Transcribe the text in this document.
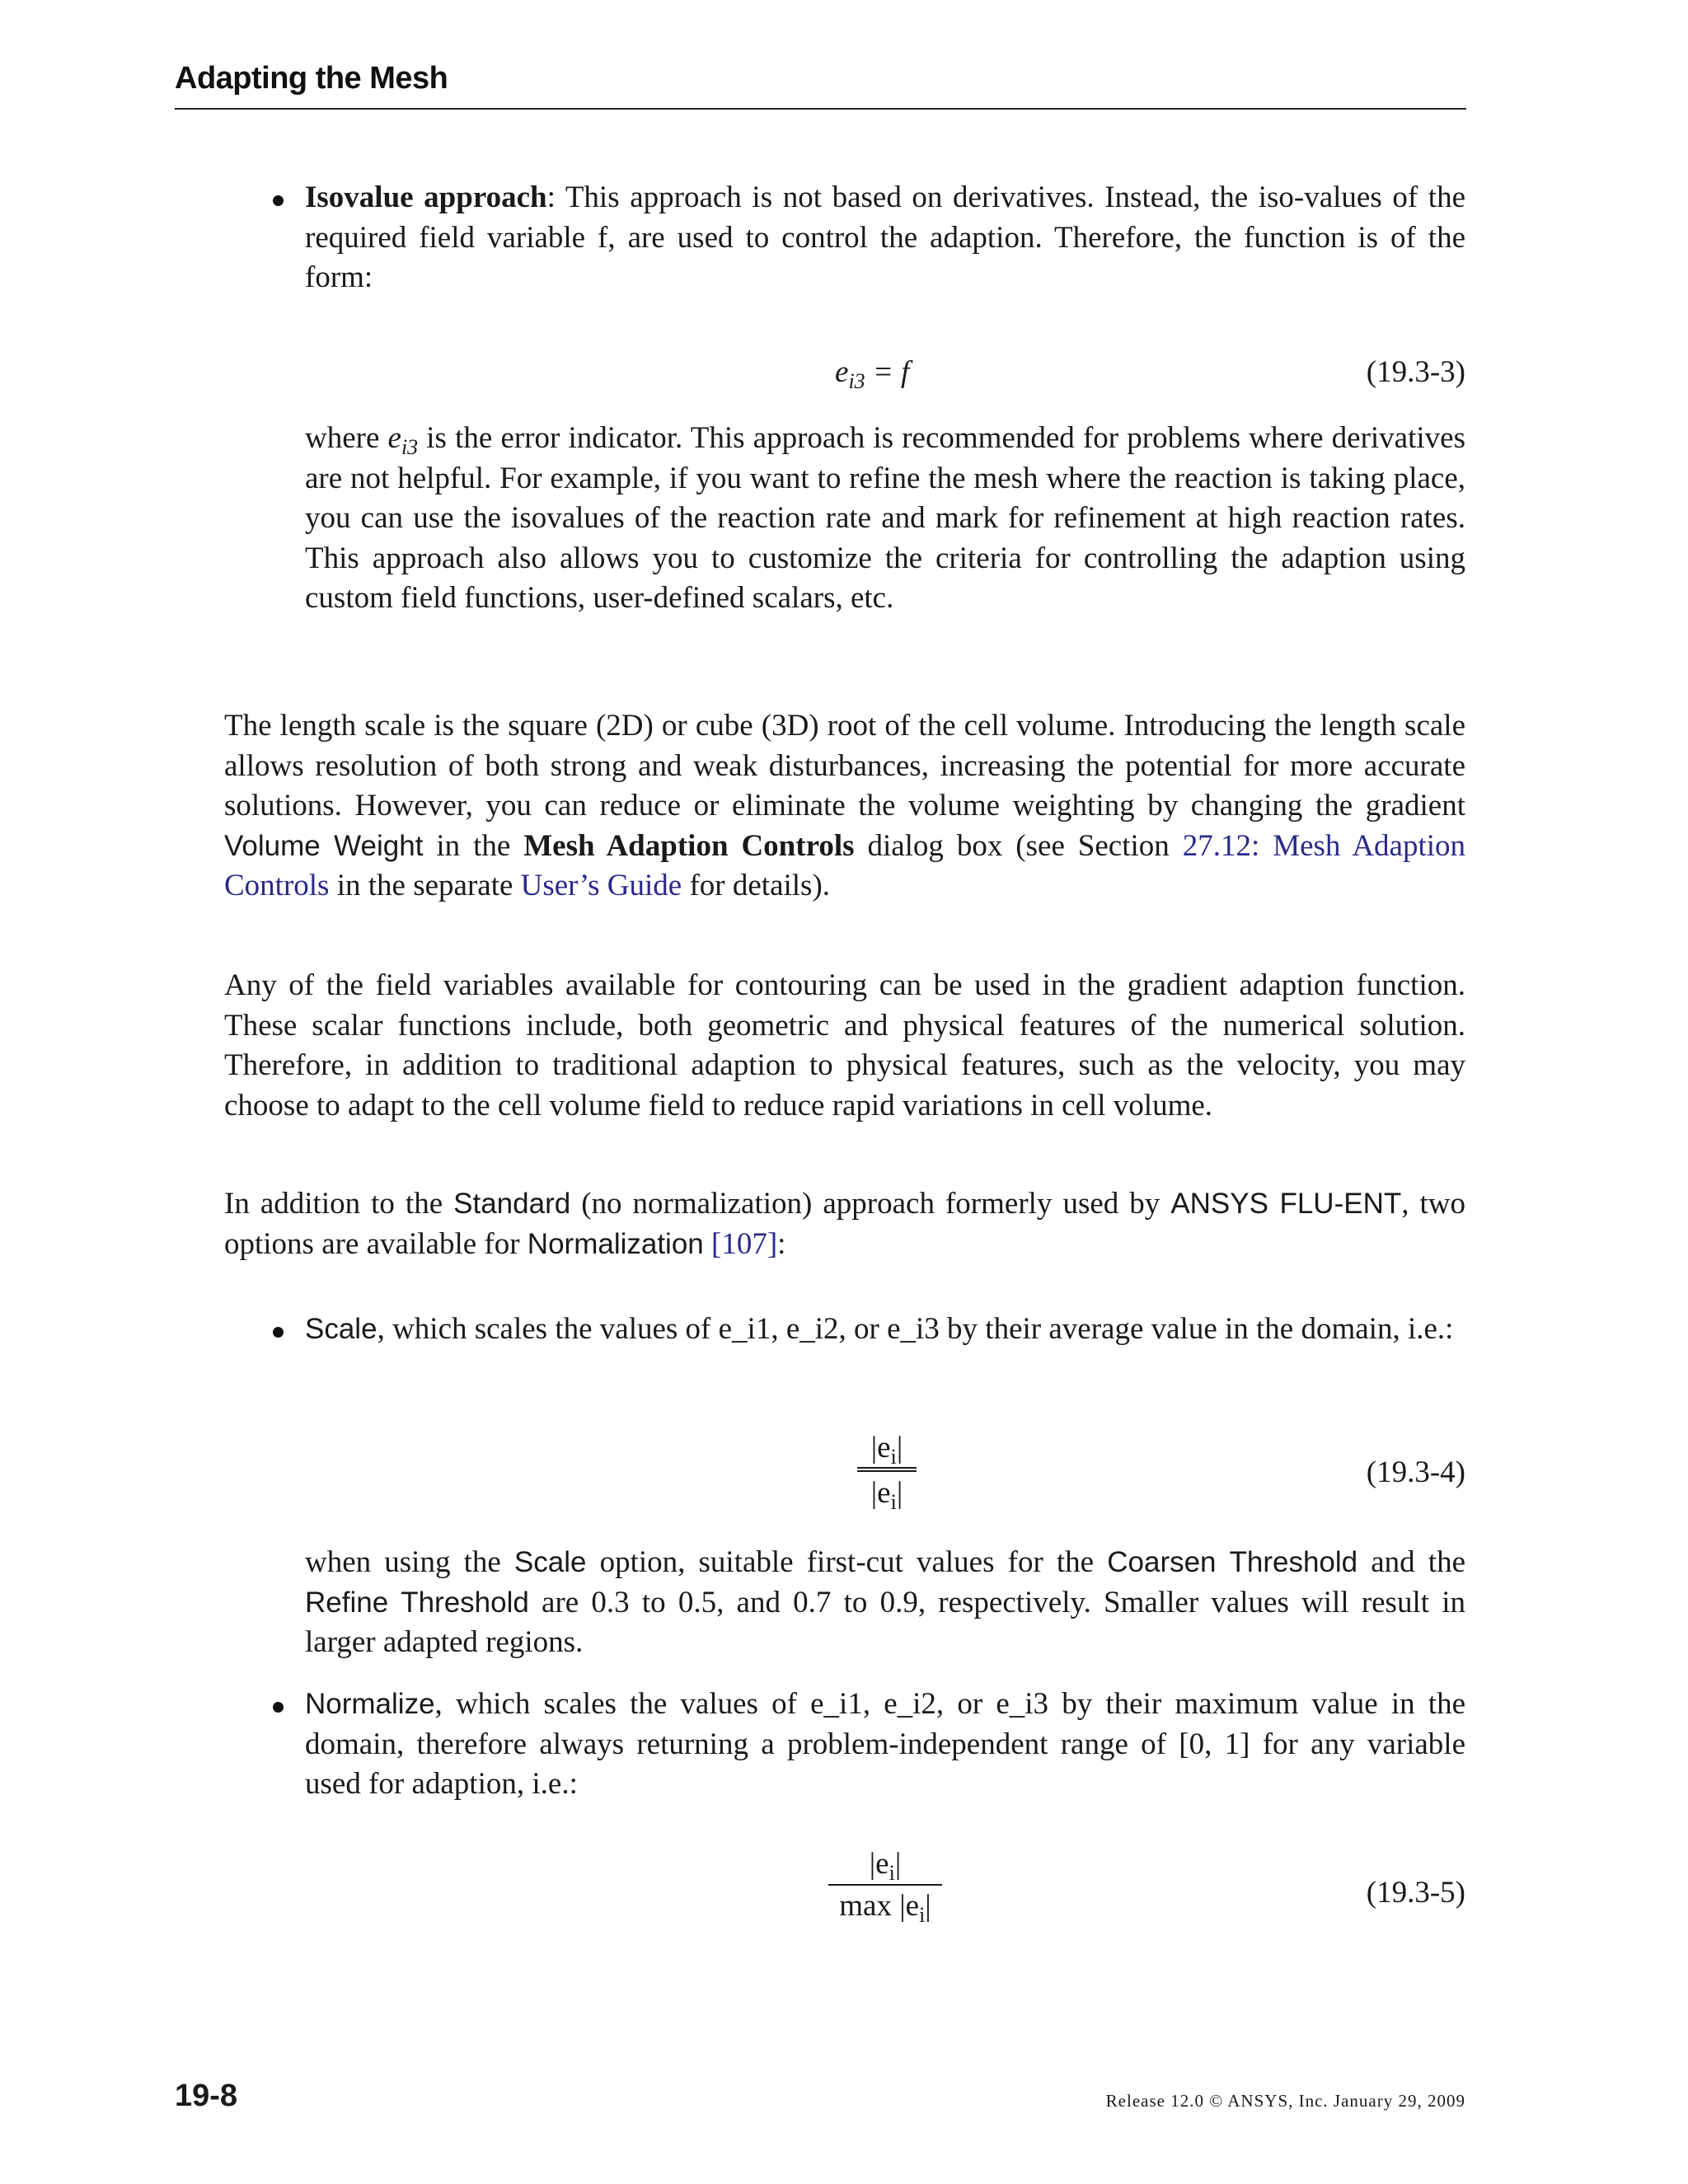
Adapting the Mesh

Isovalue approach: This approach is not based on derivatives. Instead, the iso-values of the required field variable f, are used to control the adaption. Therefore, the function is of the form:

$e_{i3} = f$	(19.3-3)

where $e_{i3}$ is the error indicator. This approach is recommended for problems where derivatives are not helpful. For example, if you want to refine the mesh where the reaction is taking place, you can use the isovalues of the reaction rate and mark for refinement at high reaction rates. This approach also allows you to customize the criteria for controlling the adaption using custom field functions, user-defined scalars, etc.

The length scale is the square (2D) or cube (3D) root of the cell volume. Introducing the length scale allows resolution of both strong and weak disturbances, increasing the potential for more accurate solutions. However, you can reduce or eliminate the volume weighting by changing the gradient Volume Weight in the Mesh Adaption Controls dialog box (see Section 27.12: Mesh Adaption Controls in the separate User’s Guide for details).

Any of the field variables available for contouring can be used in the gradient adaption function. These scalar functions include, both geometric and physical features of the numerical solution. Therefore, in addition to traditional adaption to physical features, such as the velocity, you may choose to adapt to the cell volume field to reduce rapid variations in cell volume.

In addition to the Standard (no normalization) approach formerly used by ANSYS FLU-ENT, two options are available for Normalization [107]:

Scale, which scales the values of e_i1, e_i2, or e_i3 by their average value in the domain, i.e.:

$|e_i|$
$|e_i|$
(19.3-4)

when using the Scale option, suitable first-cut values for the Coarsen Threshold and the Refine Threshold are 0.3 to 0.5, and 0.7 to 0.9, respectively. Smaller values will result in larger adapted regions.

Normalize, which scales the values of e_i1, e_i2, or e_i3 by their maximum value in the domain, therefore always returning a problem-independent range of [0, 1] for any variable used for adaption, i.e.:

$|e_i|$
$\max |e_i|$	(19.3-5)
19-8	Release 12.0 © ANSYS, Inc. January 29, 2009
